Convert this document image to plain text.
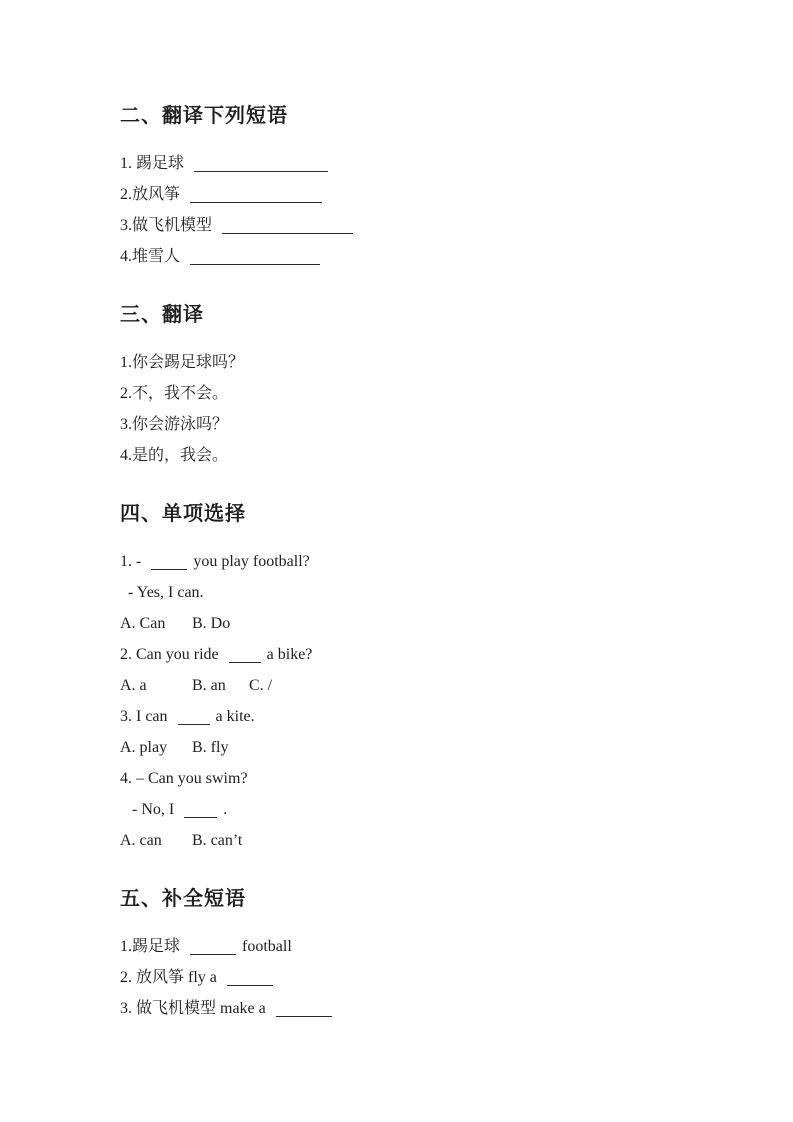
二、翻译下列短语
1. 踢足球
2.放风筝
3.做飞机模型
4.堆雪人
三、翻译
1.你会踢足球吗？
2.不，我不会。
3.你会游泳吗？
4.是的，我会。
四、单项选择
1. -	you play football?
- Yes, I can.
A. Can B. Do
2. Can you ride	a bike?
A. a	B. an C. /
3. I can	a kite.
A. play B. fly
4. – Can you swim?
- No, I	.
A. can B. can’t
五、补全短语
1.踢足球	football
2. 放风筝 fly a
3. 做飞机模型 make a
